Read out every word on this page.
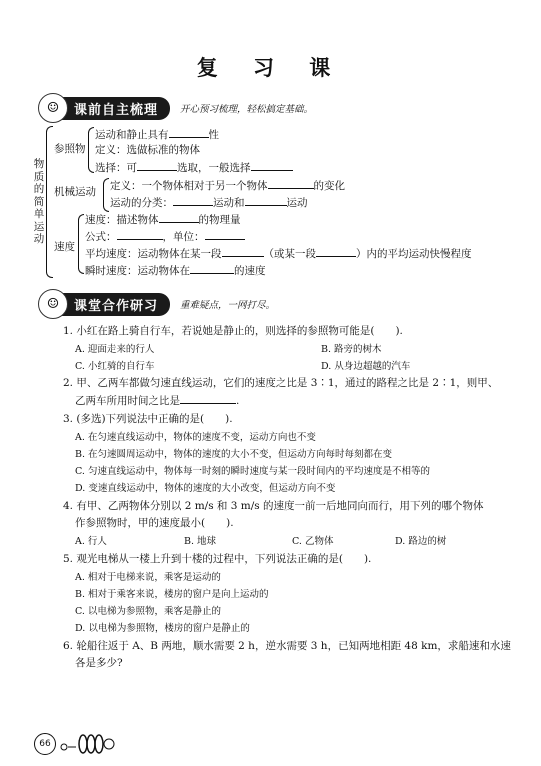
复 习 课
☺	课前自主梳理	开心预习梳理，轻松搞定基础。
物质的简单运动
参照物
运动和静止具有	性
定义：选做标准的物体
选择：可	选取，一般选择
机械运动 定义：一个物体相对于另一个物体	的变化
运动的分类：	运动和	运动
速度
速度：描述物体	的物理量
公式：	，单位：
平均速度：运动物体在某一段	（或某一段	）内的平均运动快慢程度
瞬时速度：运动物体在	的速度
☺	课堂合作研习	重难疑点，一网打尽。
1. 小红在路上骑自行车，若说她是静止的，则选择的参照物可能是(　　).
A. 迎面走来的行人	B. 路旁的树木
C. 小红骑的自行车	D. 从身边超越的汽车
2. 甲、乙两车都做匀速直线运动，它们的速度之比是 3∶1，通过的路程之比是 2∶1，则甲、
乙两车所用时间之比是	.
3. (多选)下列说法中正确的是(　　).
A. 在匀速直线运动中，物体的速度不变，运动方向也不变
B. 在匀速圆周运动中，物体的速度的大小不变，但运动方向每时每刻都在变
C. 匀速直线运动中，物体每一时刻的瞬时速度与某一段时间内的平均速度是不相等的
D. 变速直线运动中，物体的速度的大小改变，但运动方向不变
4. 有甲、乙两物体分别以 2 m/s 和 3 m/s 的速度一前一后地同向而行，用下列的哪个物体
作参照物时，甲的速度最小(　　).
A. 行人	B. 地球	C. 乙物体	D. 路边的树
5. 观光电梯从一楼上升到十楼的过程中，下列说法正确的是(　　).
A. 相对于电梯来说，乘客是运动的
B. 相对于乘客来说，楼房的窗户是向上运动的
C. 以电梯为参照物，乘客是静止的
D. 以电梯为参照物，楼房的窗户是静止的
6. 轮船往返于 A、B 两地，顺水需要 2 h，逆水需要 3 h，已知两地相距 48 km，求船速和水速
各是多少?
66
